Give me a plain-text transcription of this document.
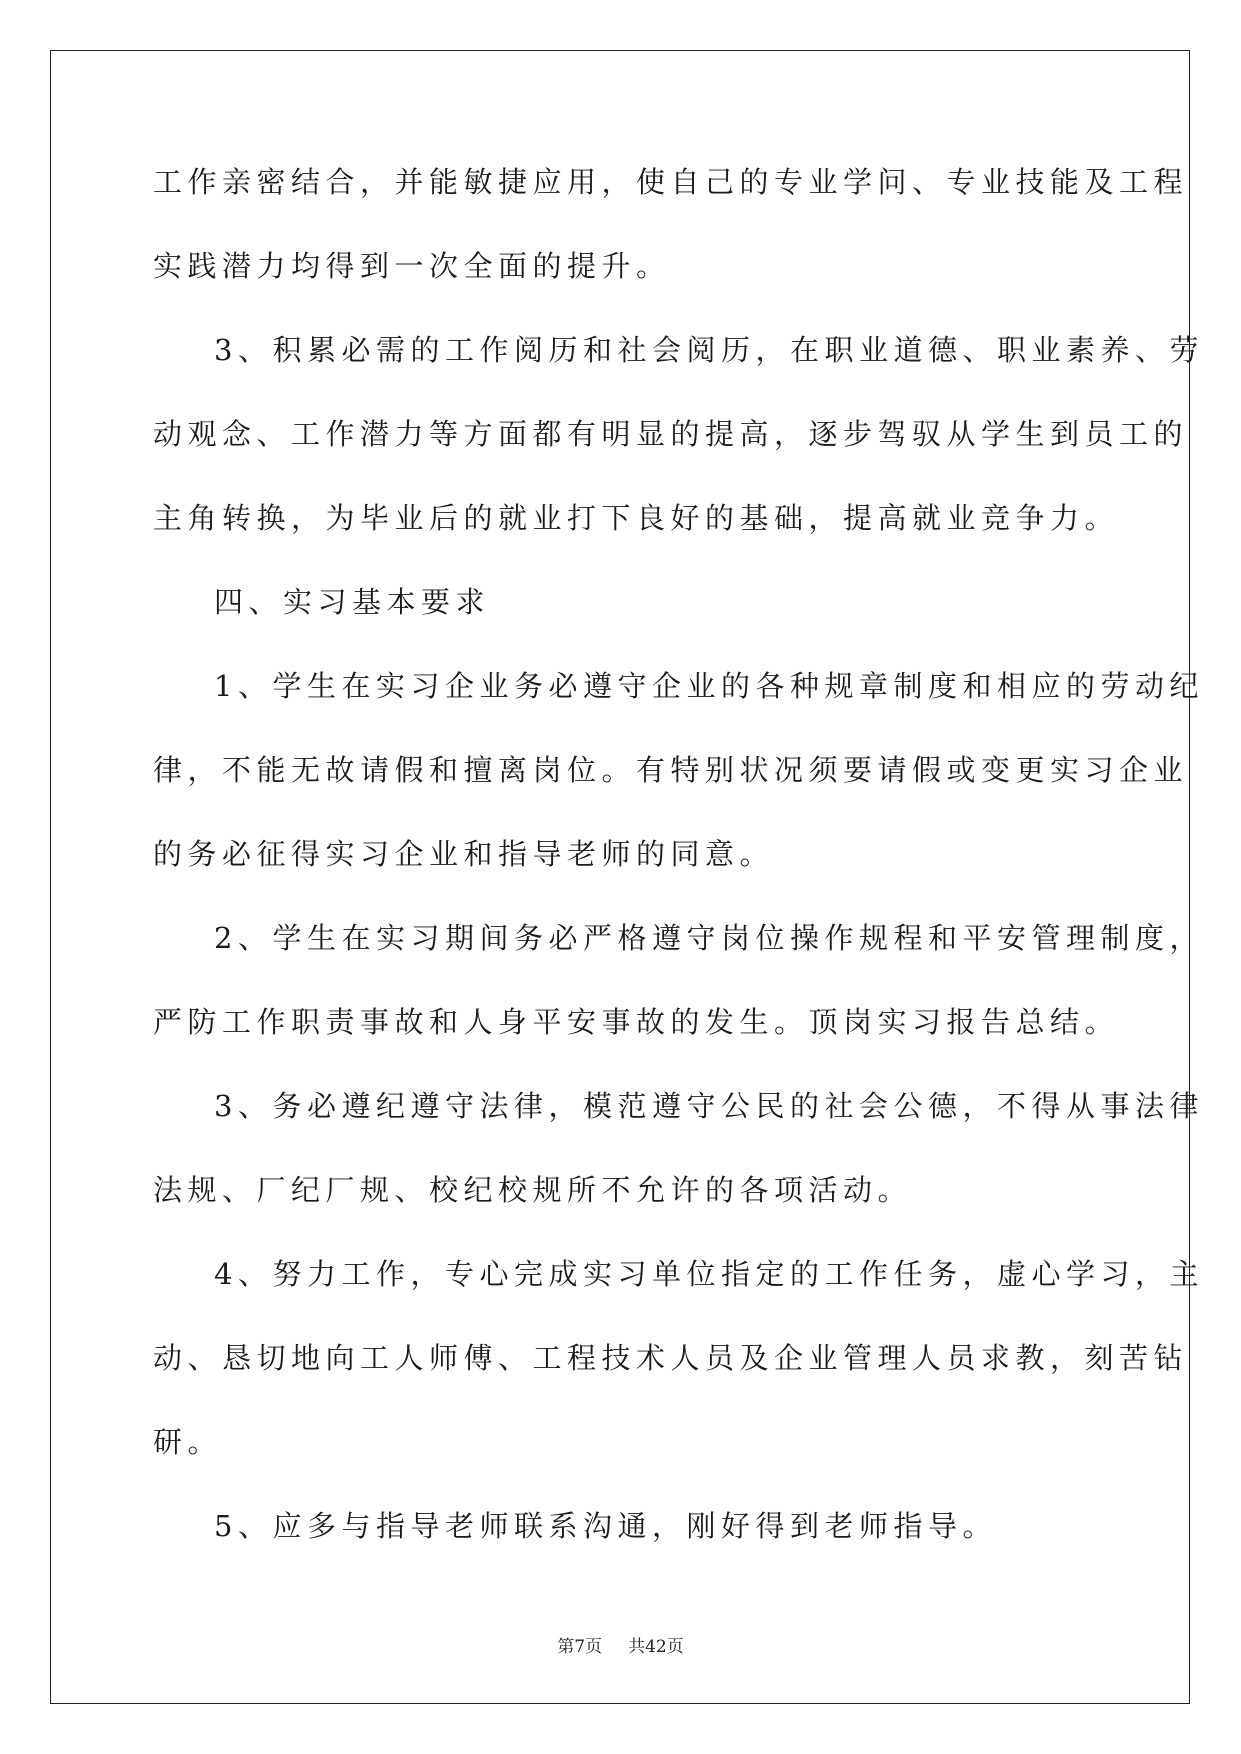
工作亲密结合，并能敏捷应用，使自己的专业学问、专业技能及工程
实践潜力均得到一次全面的提升。
3、积累必需的工作阅历和社会阅历，在职业道德、职业素养、劳
动观念、工作潜力等方面都有明显的提高，逐步驾驭从学生到员工的
主角转换，为毕业后的就业打下良好的基础，提高就业竞争力。
四、实习基本要求
1、学生在实习企业务必遵守企业的各种规章制度和相应的劳动纪
律，不能无故请假和擅离岗位。有特别状况须要请假或变更实习企业
的务必征得实习企业和指导老师的同意。
2、学生在实习期间务必严格遵守岗位操作规程和平安管理制度，
严防工作职责事故和人身平安事故的发生。顶岗实习报告总结。
3、务必遵纪遵守法律，模范遵守公民的社会公德，不得从事法律
法规、厂纪厂规、校纪校规所不允许的各项活动。
4、努力工作，专心完成实习单位指定的工作任务，虚心学习，主
动、恳切地向工人师傅、工程技术人员及企业管理人员求教，刻苦钻
研。
5、应多与指导老师联系沟通，刚好得到老师指导。
第7页 共42页
